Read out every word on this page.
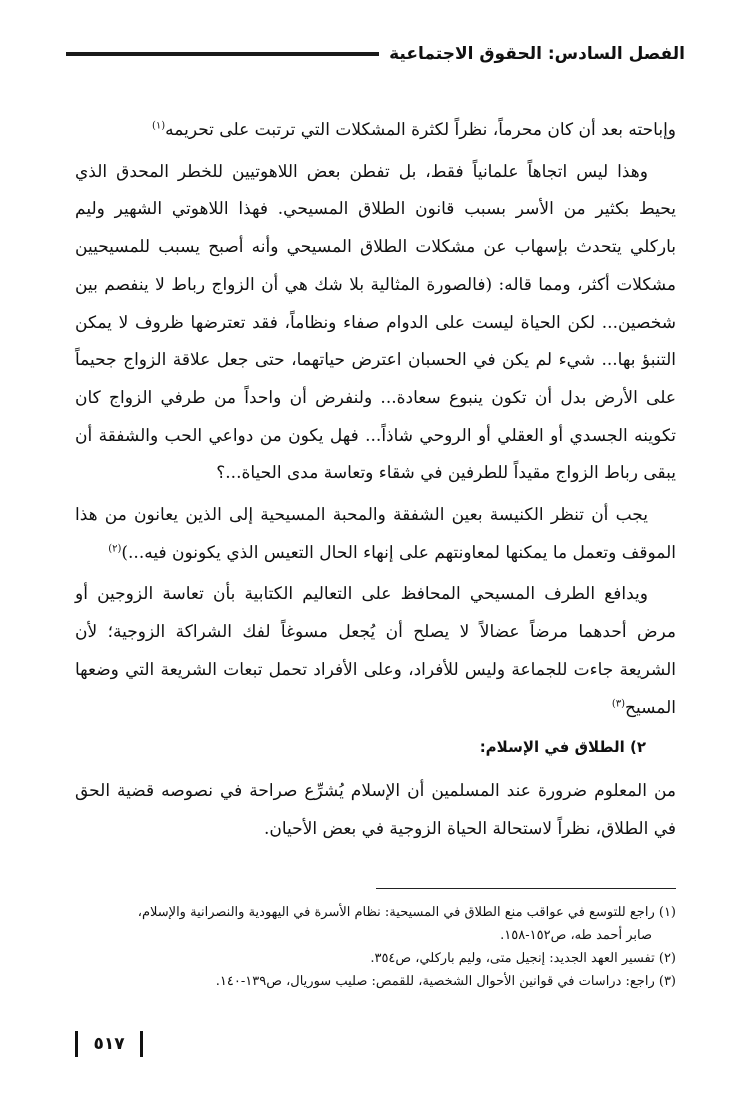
الفصل السادس: الحقوق الاجتماعية

وإباحته بعد أن كان محرماً، نظراً لكثرة المشكلات التي ترتبت على تحريمه$^{(١)}$

وهذا ليس اتجاهاً علمانياً فقط، بل تفطن بعض اللاهوتيين للخطر المحدق الذي يحيط بكثير من الأسر بسبب قانون الطلاق المسيحي. فهذا اللاهوتي الشهير وليم باركلي يتحدث بإسهاب عن مشكلات الطلاق المسيحي وأنه أصبح يسبب للمسيحيين مشكلات أكثر، ومما قاله: (فالصورة المثالية بلا شك هي أن الزواج رباط لا ينفصم بين شخصين... لكن الحياة ليست على الدوام صفاء ونظاماً، فقد تعترضها ظروف لا يمكن التنبؤ بها... شيء لم يكن في الحسبان اعترض حياتهما، حتى جعل علاقة الزواج جحيماً على الأرض بدل أن تكون ينبوع سعادة... ولنفرض أن واحداً من طرفي الزواج كان تكوينه الجسدي أو العقلي أو الروحي شاذاً... فهل يكون من دواعي الحب والشفقة أن يبقى رباط الزواج مقيداً للطرفين في شقاء وتعاسة مدى الحياة...؟

يجب أن تنظر الكنيسة بعين الشفقة والمحبة المسيحية إلى الذين يعانون من هذا الموقف وتعمل ما يمكنها لمعاونتهم على إنهاء الحال التعيس الذي يكونون فيه...)$^{(٢)}$

ويدافع الطرف المسيحي المحافظ على التعاليم الكتابية بأن تعاسة الزوجين أو مرض أحدهما مرضاً عضالاً لا يصلح أن يُجعل مسوغاً لفك الشراكة الزوجية؛ لأن الشريعة جاءت للجماعة وليس للأفراد، وعلى الأفراد تحمل تبعات الشريعة التي وضعها المسيح$^{(٣)}$

٢) الطلاق في الإسلام:

من المعلوم ضرورة عند المسلمين أن الإسلام يُشرِّع صراحة في نصوصه قضية الحق في الطلاق، نظراً لاستحالة الحياة الزوجية في بعض الأحيان.

(١) راجع للتوسع في عواقب منع الطلاق في المسيحية: نظام الأسرة في اليهودية والنصرانية والإسلام،

صابر أحمد طه، ص١٥٢-١٥٨.

(٢) تفسير العهد الجديد: إنجيل متى، وليم باركلي، ص٣٥٤.

(٣) راجع: دراسات في قوانين الأحوال الشخصية، للقمص: صليب سوريال، ص١٣٩-١٤٠.

٥١٧
